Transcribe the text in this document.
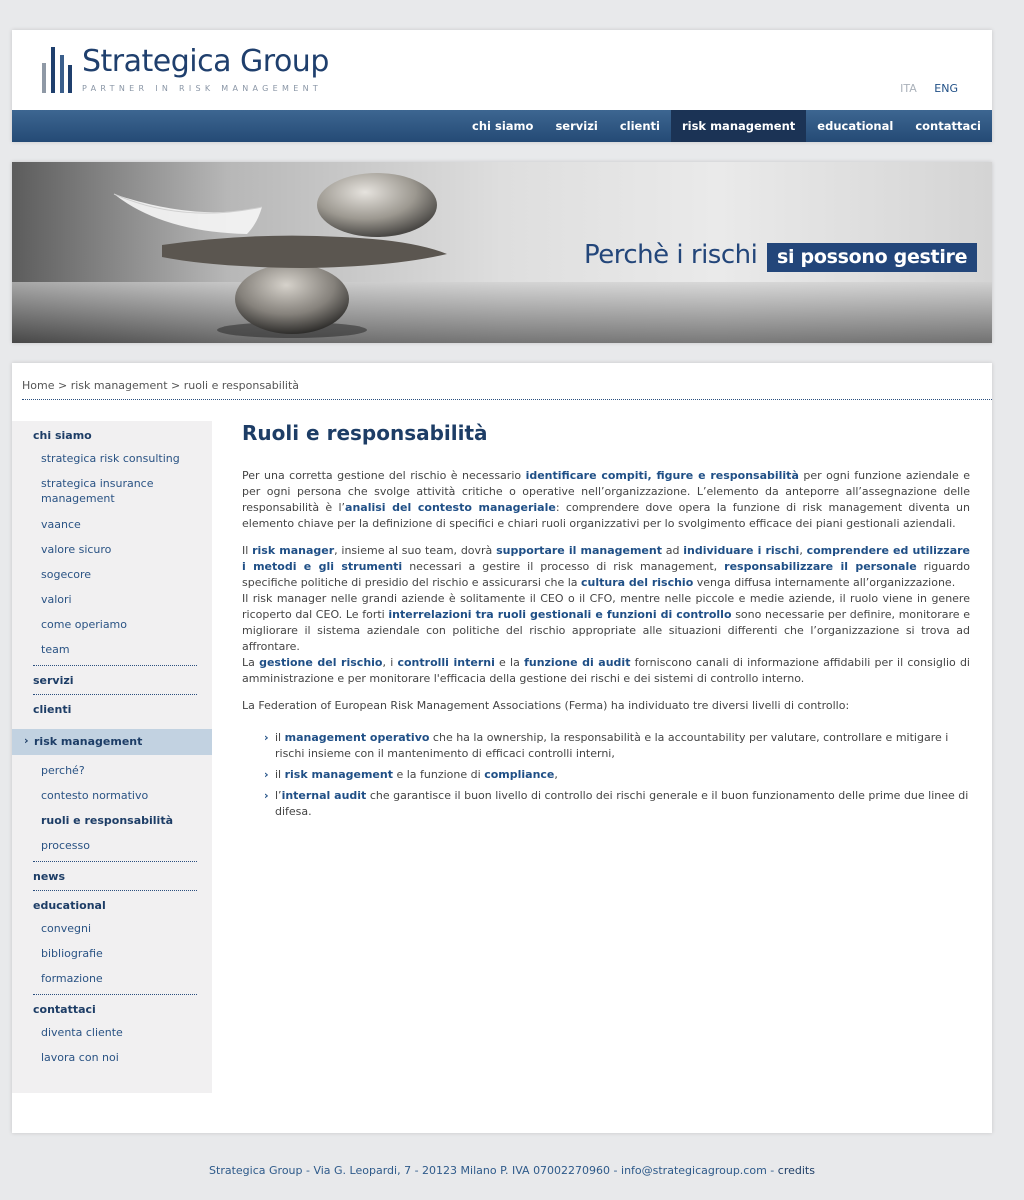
Strategica Group
PARTNER IN RISK MANAGEMENT	ITA ENG
chi siamo	servizi	clienti	risk management	educational	contattaci
Perchè i rischi	si possono gestire
Home > risk management > ruoli e responsabilità
chi siamo
strategica risk consulting
strategica insurance management
vaance
valore sicuro
sogecore
valori
come operiamo
team
servizi
clienti
› risk management
perché?
contesto normativo
ruoli e responsabilità
processo
news
educational
convegni
bibliografie
formazione
contattaci
diventa cliente
lavora con noi
Ruoli e responsabilità

Per una corretta gestione del rischio è necessario identificare compiti, figure e responsabilità per ogni funzione aziendale e per ogni persona che svolge attività critiche o operative nell’organizzazione. L’elemento da anteporre all’assegnazione delle responsabilità è l’analisi del contesto manageriale: comprendere dove opera la funzione di risk management diventa un elemento chiave per la definizione di specifici e chiari ruoli organizzativi per lo svolgimento efficace dei piani gestionali aziendali.

Il risk manager, insieme al suo team, dovrà supportare il management ad individuare i rischi, comprendere ed utilizzare i metodi e gli strumenti necessari a gestire il processo di risk management, responsabilizzare il personale riguardo specifiche politiche di presidio del rischio e assicurarsi che la cultura del rischio venga diffusa internamente all’organizzazione.
Il risk manager nelle grandi aziende è solitamente il CEO o il CFO, mentre nelle piccole e medie aziende, il ruolo viene in genere ricoperto dal CEO. Le forti interrelazioni tra ruoli gestionali e funzioni di controllo sono necessarie per definire, monitorare e migliorare il sistema aziendale con politiche del rischio appropriate alle situazioni differenti che l’organizzazione si trova ad affrontare.
La gestione del rischio, i controlli interni e la funzione di audit forniscono canali di informazione affidabili per il consiglio di amministrazione e per monitorare l'efficacia della gestione dei rischi e dei sistemi di controllo interno.

La Federation of European Risk Management Associations (Ferma) ha individuato tre diversi livelli di controllo:

› il management operativo che ha la ownership, la responsabilità e la accountability per valutare, controllare e mitigare i rischi insieme con il mantenimento di efficaci controlli interni,
› il risk management e la funzione di compliance,
› l’internal audit che garantisce il buon livello di controllo dei rischi generale e il buon funzionamento delle prime due linee di difesa.
Strategica Group - Via G. Leopardi, 7 - 20123 Milano P. IVA 07002270960 - info@strategicagroup.com - credits
